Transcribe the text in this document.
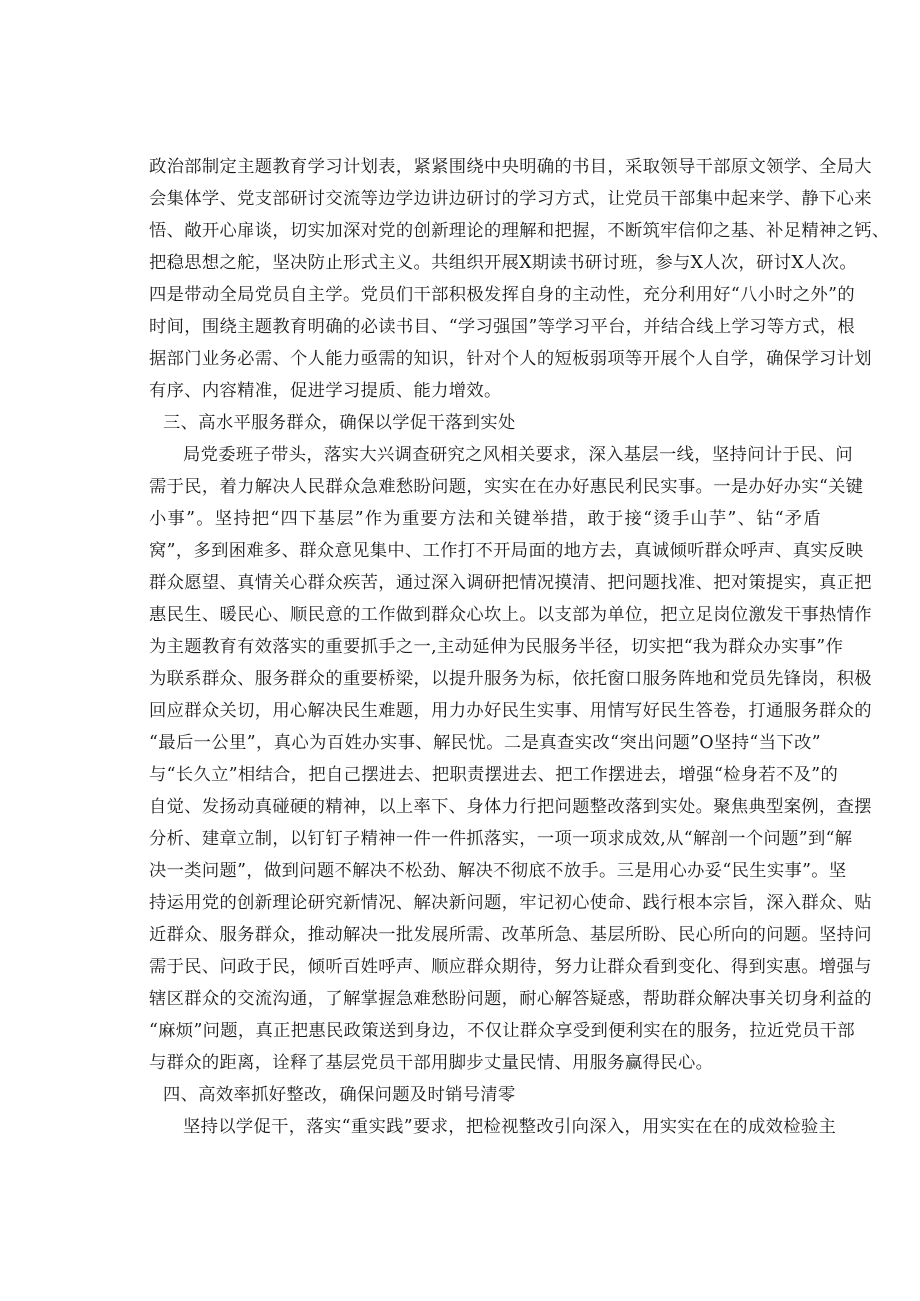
政治部制定主题教育学习计划表，紧紧围绕中央明确的书目，采取领导干部原文领学、全局大
会集体学、党支部研讨交流等边学边讲边研讨的学习方式，让党员干部集中起来学、静下心来
悟、敞开心扉谈，切实加深对党的创新理论的理解和把握，不断筑牢信仰之基、补足精神之钙、
把稳思想之舵，坚决防止形式主义。共组织开展X期读书研讨班，参与X人次，研讨X人次。
四是带动全局党员自主学。党员们干部积极发挥自身的主动性，充分利用好“八小时之外”的
时间，围绕主题教育明确的必读书目、“学习强国”等学习平台，并结合线上学习等方式，根
据部门业务必需、个人能力亟需的知识，针对个人的短板弱项等开展个人自学，确保学习计划
有序、内容精准，促进学习提质、能力增效。
三、高水平服务群众，确保以学促干落到实处
局党委班子带头，落实大兴调查研究之风相关要求，深入基层一线，坚持问计于民、问
需于民，着力解决人民群众急难愁盼问题，实实在在办好惠民利民实事。一是办好办实“关键
小事”。坚持把“四下基层”作为重要方法和关键举措，敢于接“烫手山芋”、钻“矛盾
窝”，多到困难多、群众意见集中、工作打不开局面的地方去，真诚倾听群众呼声、真实反映
群众愿望、真情关心群众疾苦，通过深入调研把情况摸清、把问题找准、把对策提实，真正把
惠民生、暖民心、顺民意的工作做到群众心坎上。以支部为单位，把立足岗位激发干事热情作
为主题教育有效落实的重要抓手之一,主动延伸为民服务半径，切实把“我为群众办实事”作
为联系群众、服务群众的重要桥梁，以提升服务为标，依托窗口服务阵地和党员先锋岗，积极
回应群众关切，用心解决民生难题，用力办好民生实事、用情写好民生答卷，打通服务群众的
“最后一公里”，真心为百姓办实事、解民忧。二是真查实改“突出问题”O坚持“当下改”
与“长久立”相结合，把自己摆进去、把职责摆进去、把工作摆进去，增强“检身若不及”的
自觉、发扬动真碰硬的精神，以上率下、身体力行把问题整改落到实处。聚焦典型案例，查摆
分析、建章立制，以钉钉子精神一件一件抓落实，一项一项求成效,从“解剖一个问题”到“解
决一类问题”，做到问题不解决不松劲、解决不彻底不放手。三是用心办妥“民生实事”。坚
持运用党的创新理论研究新情况、解决新问题，牢记初心使命、践行根本宗旨，深入群众、贴
近群众、服务群众，推动解决一批发展所需、改革所急、基层所盼、民心所向的问题。坚持问
需于民、问政于民，倾听百姓呼声、顺应群众期待，努力让群众看到变化、得到实惠。增强与
辖区群众的交流沟通，了解掌握急难愁盼问题，耐心解答疑惑，帮助群众解决事关切身利益的
“麻烦”问题，真正把惠民政策送到身边，不仅让群众享受到便利实在的服务，拉近党员干部
与群众的距离，诠释了基层党员干部用脚步丈量民情、用服务赢得民心。
四、高效率抓好整改，确保问题及时销号清零
坚持以学促干，落实“重实践”要求，把检视整改引向深入，用实实在在的成效检验主
